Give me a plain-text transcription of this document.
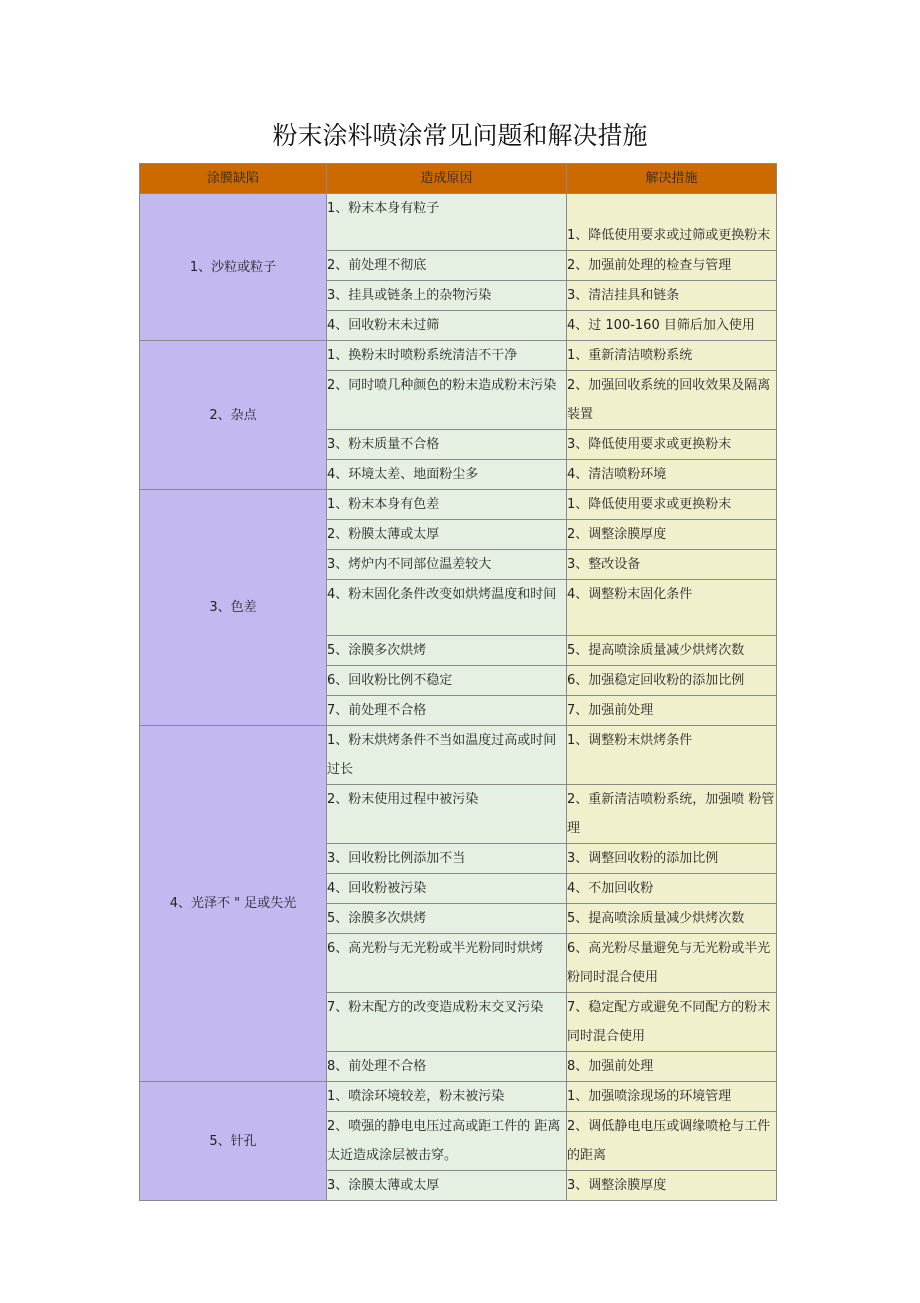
粉末涂料喷涂常见问题和解决措施
涂膜缺陷	造成原因	解决措施
1、沙粒或粒子	1、粉末本身有粒子	1、降低使用要求或过筛或更换粉末
	2、前处理不彻底	2、加强前处理的检查与管理
	3、挂具或链条上的杂物污染	3、清洁挂具和链条
	4、回收粉末未过筛	4、过 100-160 目筛后加入使用
2、杂点	1、换粉末时喷粉系统清洁不干净	1、重新清洁喷粉系统
	2、同时喷几种颜色的粉末造成粉末污染	2、加强回收系统的回收效果及隔离装置
	3、粉末质量不合格	3、降低使用要求或更换粉末
	4、环境太差、地面粉尘多	4、清洁喷粉环境
3、色差	1、粉末本身有色差	1、降低使用要求或更换粉末
	2、粉膜太薄或太厚	2、调整涂膜厚度
	3、烤炉内不同部位温差较大	3、整改设备
	4、粉末固化条件改变如烘烤温度和时间	4、调整粉末固化条件
	5、涂膜多次烘烤	5、提高喷涂质量减少烘烤次数
	6、回收粉比例不稳定	6、加强稳定回收粉的添加比例
	7、前处理不合格	7、加强前处理
4、光泽不 " 足或失光	1、粉末烘烤条件不当如温度过高或时间过长	1、调整粉末烘烤条件
	2、粉末使用过程中被污染	2、重新清洁喷粉系统，加强喷 粉管理
	3、回收粉比例添加不当	3、调整回收粉的添加比例
	4、回收粉被污染	4、不加回收粉
	5、涂膜多次烘烤	5、提高喷涂质量减少烘烤次数
	6、高光粉与无光粉或半光粉同时烘烤	6、高光粉尽量避免与无光粉或半光粉同时混合使用
	7、粉末配方的改变造成粉末交叉污染	7、稳定配方或避免不同配方的粉末同时混合使用
	8、前处理不合格	8、加强前处理
5、针孔	1、喷涂环境较差，粉末被污染	1、加强喷涂现场的环境管理
	2、喷强的静电电压过高或距工件的 距离太近造成涂层被击穿。	2、调低静电电压或调缘喷枪与工件的距离
	3、涂膜太薄或太厚	3、调整涂膜厚度
